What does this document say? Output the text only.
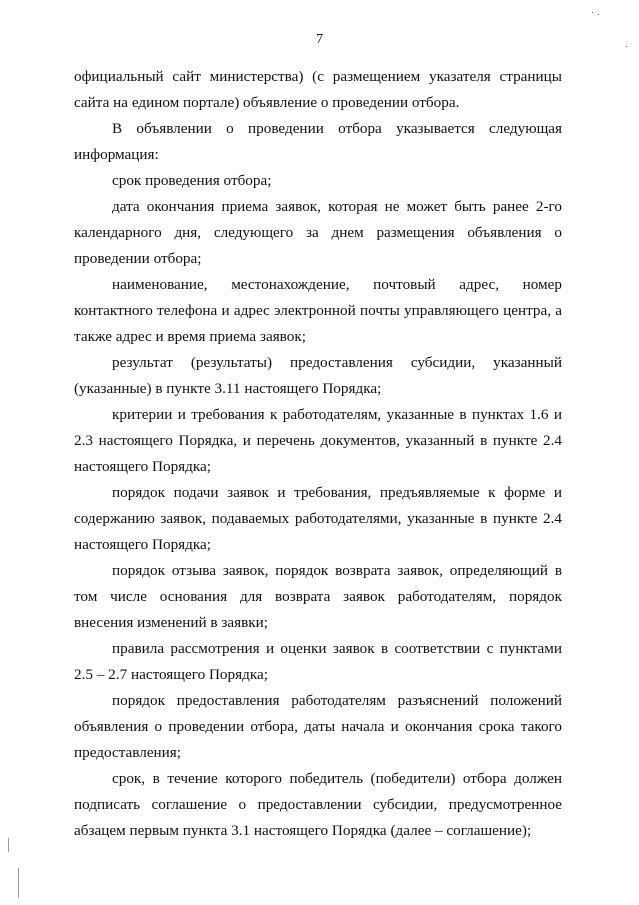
7

официальный сайт министерства) (с размещением указателя страницы сайта на едином портале) объявление о проведении отбора.

В объявлении о проведении отбора указывается следующая информация:

срок проведения отбора;

дата окончания приема заявок, которая не может быть ранее 2-го календарного дня, следующего за днем размещения объявления о проведении отбора;

наименование, местонахождение, почтовый адрес, номер контактного телефона и адрес электронной почты управляющего центра, а также адрес и время приема заявок;

результат (результаты) предоставления субсидии, указанный (указанные) в пункте 3.11 настоящего Порядка;

критерии и требования к работодателям, указанные в пунктах 1.6 и 2.3 настоящего Порядка, и перечень документов, указанный в пункте 2.4 настоящего Порядка;

порядок подачи заявок и требования, предъявляемые к форме и содержанию заявок, подаваемых работодателями, указанные в пункте 2.4 настоящего Порядка;

порядок отзыва заявок, порядок возврата заявок, определяющий в том числе основания для возврата заявок работодателям, порядок внесения изменений в заявки;

правила рассмотрения и оценки заявок в соответствии с пунктами 2.5 – 2.7 настоящего Порядка;

порядок предоставления работодателям разъяснений положений объявления о проведении отбора, даты начала и окончания срока такого предоставления;

срок, в течение которого победитель (победители) отбора должен подписать соглашение о предоставлении субсидии, предусмотренное абзацем первым пункта 3.1 настоящего Порядка (далее – соглашение);
